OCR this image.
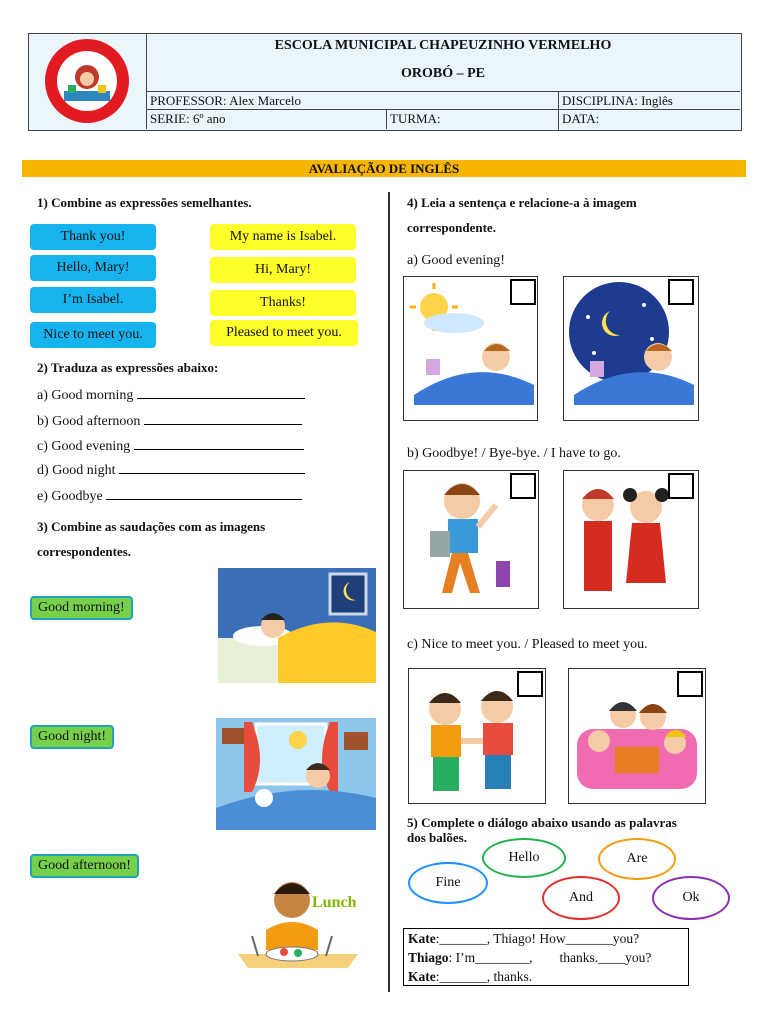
ESCOLA MUNICIPAL CHAPEUZINHO VERMELHO
OROBÓ – PE
PROFESSOR: Alex Marcelo	DISCIPLINA: Inglês
SERIE: 6º ano	TURMA:	DATA:
AVALIAÇÃO DE INGLÊS
1) Combine as expressões semelhantes.
Thank you!
Hello, Mary!
I’m Isabel.
Nice to meet you.
My name is Isabel.
Hi, Mary!
Thanks!
Pleased to meet you.
2) Traduza as expressões abaixo:
a) Good morning
b) Good afternoon
c) Good evening
d) Good night
e) Goodbye
3) Combine as saudações com as imagens
correspondentes.
Good morning!
Good night!
Good afternoon!
Lunch
4) Leia a sentença e relacione-a à imagem
correspondente.
a) Good evening!
b) Goodbye! / Bye-bye. / I have to go.
c) Nice to meet you. / Pleased to meet you.
5) Complete o diálogo abaixo usando as palavras
dos balões.
Hello	Are
Fine
And	Ok
Kate:_______, Thiago! How_______you?
Thiago: I’m________,        thanks.____you?
Kate:_______, thanks.
